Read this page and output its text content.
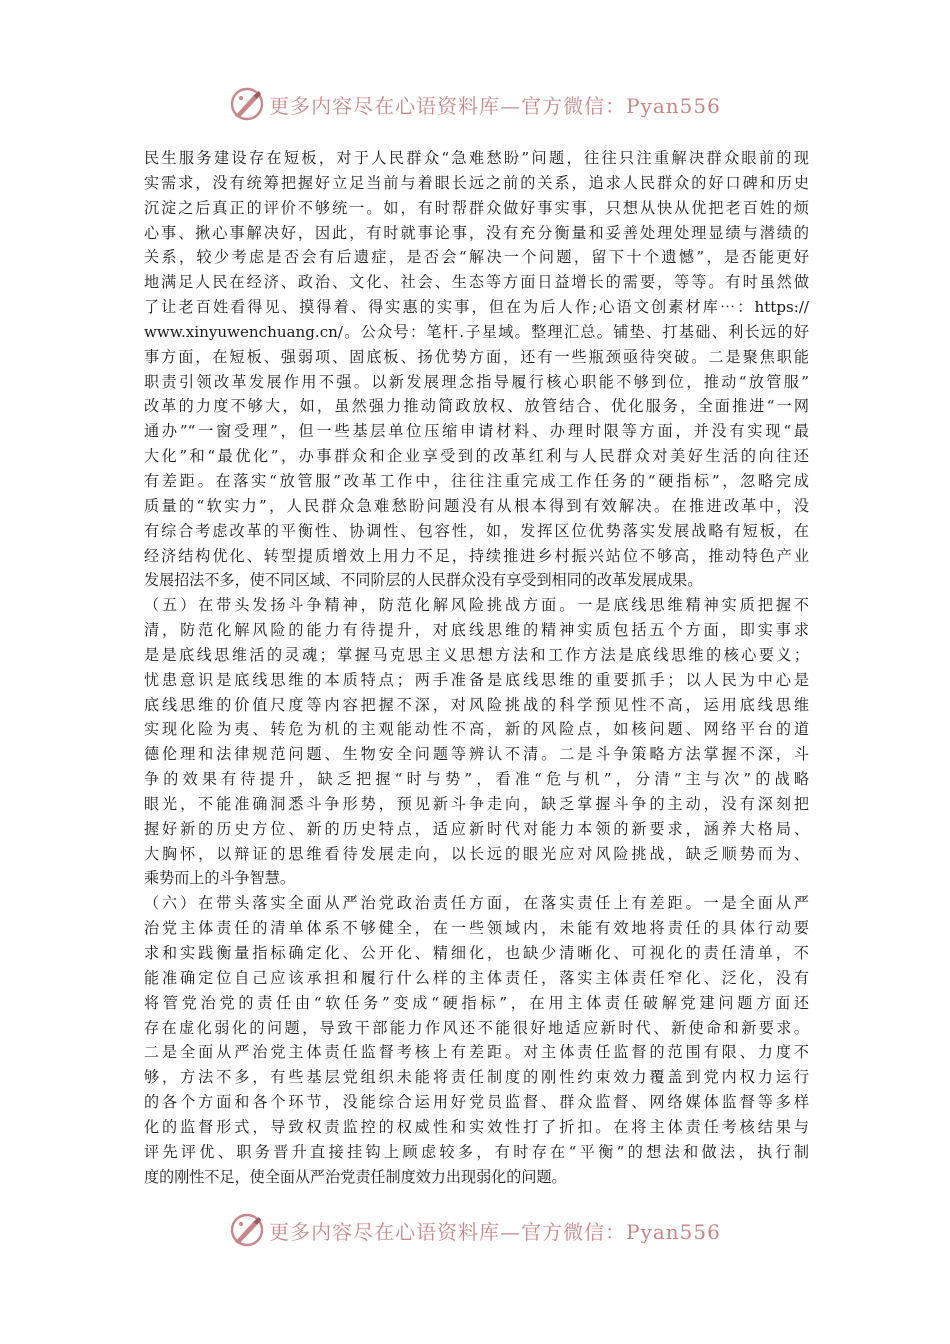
更多内容尽在心语资料库—官方微信：Pyan556
民生服务建设存在短板，对于人民群众“急难愁盼”问题，往往只注重解决群众眼前的现
实需求，没有统筹把握好立足当前与着眼长远之前的关系，追求人民群众的好口碑和历史
沉淀之后真正的评价不够统一。如，有时帮群众做好事实事，只想从快从优把老百姓的烦
心事、揪心事解决好，因此，有时就事论事，没有充分衡量和妥善处理处理显绩与潜绩的
关系，较少考虑是否会有后遗症，是否会“解决一个问题，留下十个遗憾”，是否能更好
地满足人民在经济、政治、文化、社会、生态等方面日益增长的需要，等等。有时虽然做
了让老百姓看得见、摸得着、得实惠的实事，但在为后人作;心语文创素材库⋯：https://
www.xinyuwenchuang.cn/。公众号：笔杆.子星域。整理汇总。铺垫、打基础、利长远的好
事方面，在短板、强弱项、固底板、扬优势方面，还有一些瓶颈亟待突破。二是聚焦职能
职责引领改革发展作用不强。以新发展理念指导履行核心职能不够到位，推动“放管服”
改革的力度不够大，如，虽然强力推动简政放权、放管结合、优化服务，全面推进“一网
通办”“一窗受理”，但一些基层单位压缩申请材料、办理时限等方面，并没有实现“最
大化”和“最优化”，办事群众和企业享受到的改革红利与人民群众对美好生活的向往还
有差距。在落实“放管服”改革工作中，往往注重完成工作任务的“硬指标”，忽略完成
质量的“软实力”，人民群众急难愁盼问题没有从根本得到有效解决。在推进改革中，没
有综合考虑改革的平衡性、协调性、包容性，如，发挥区位优势落实发展战略有短板，在
经济结构优化、转型提质增效上用力不足，持续推进乡村振兴站位不够高，推动特色产业
发展招法不多，使不同区域、不同阶层的人民群众没有享受到相同的改革发展成果。
（五）在带头发扬斗争精神，防范化解风险挑战方面。一是底线思维精神实质把握不
清，防范化解风险的能力有待提升，对底线思维的精神实质包括五个方面，即实事求
是是底线思维活的灵魂；掌握马克思主义思想方法和工作方法是底线思维的核心要义；
忧患意识是底线思维的本质特点；两手准备是底线思维的重要抓手；以人民为中心是
底线思维的价值尺度等内容把握不深，对风险挑战的科学预见性不高，运用底线思维
实现化险为夷、转危为机的主观能动性不高，新的风险点，如核问题、网络平台的道
德伦理和法律规范问题、生物安全问题等辨认不清。二是斗争策略方法掌握不深，斗
争的效果有待提升，缺乏把握“时与势”，看准“危与机”，分清“主与次”的战略
眼光，不能准确洞悉斗争形势，预见新斗争走向，缺乏掌握斗争的主动，没有深刻把
握好新的历史方位、新的历史特点，适应新时代对能力本领的新要求，涵养大格局、
大胸怀，以辩证的思维看待发展走向，以长远的眼光应对风险挑战，缺乏顺势而为、
乘势而上的斗争智慧。
（六）在带头落实全面从严治党政治责任方面，在落实责任上有差距。一是全面从严
治党主体责任的清单体系不够健全，在一些领域内，未能有效地将责任的具体行动要
求和实践衡量指标确定化、公开化、精细化，也缺少清晰化、可视化的责任清单，不
能准确定位自己应该承担和履行什么样的主体责任，落实主体责任窄化、泛化，没有
将管党治党的责任由“软任务”变成“硬指标”，在用主体责任破解党建问题方面还
存在虚化弱化的问题，导致干部能力作风还不能很好地适应新时代、新使命和新要求。
二是全面从严治党主体责任监督考核上有差距。对主体责任监督的范围有限、力度不
够，方法不多，有些基层党组织未能将责任制度的刚性约束效力覆盖到党内权力运行
的各个方面和各个环节，没能综合运用好党员监督、群众监督、网络媒体监督等多样
化的监督形式，导致权责监控的权威性和实效性打了折扣。在将主体责任考核结果与
评先评优、职务晋升直接挂钩上顾虑较多，有时存在“平衡”的想法和做法，执行制
度的刚性不足，使全面从严治党责任制度效力出现弱化的问题。
更多内容尽在心语资料库—官方微信：Pyan556
